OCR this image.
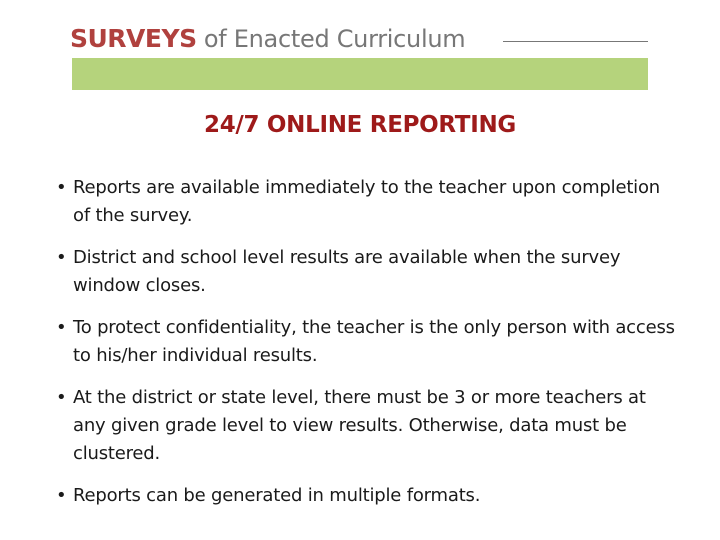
SURVEYS of Enacted Curriculum
24/7 ONLINE REPORTING
• Reports are available immediately to the teacher upon completion of the survey.
• District and school level results are available when the survey window closes.
• To protect confidentiality, the teacher is the only person with access to his/her individual results.
• At the district or state level, there must be 3 or more teachers at any given grade level to view results. Otherwise, data must be clustered.
• Reports can be generated in multiple formats.
